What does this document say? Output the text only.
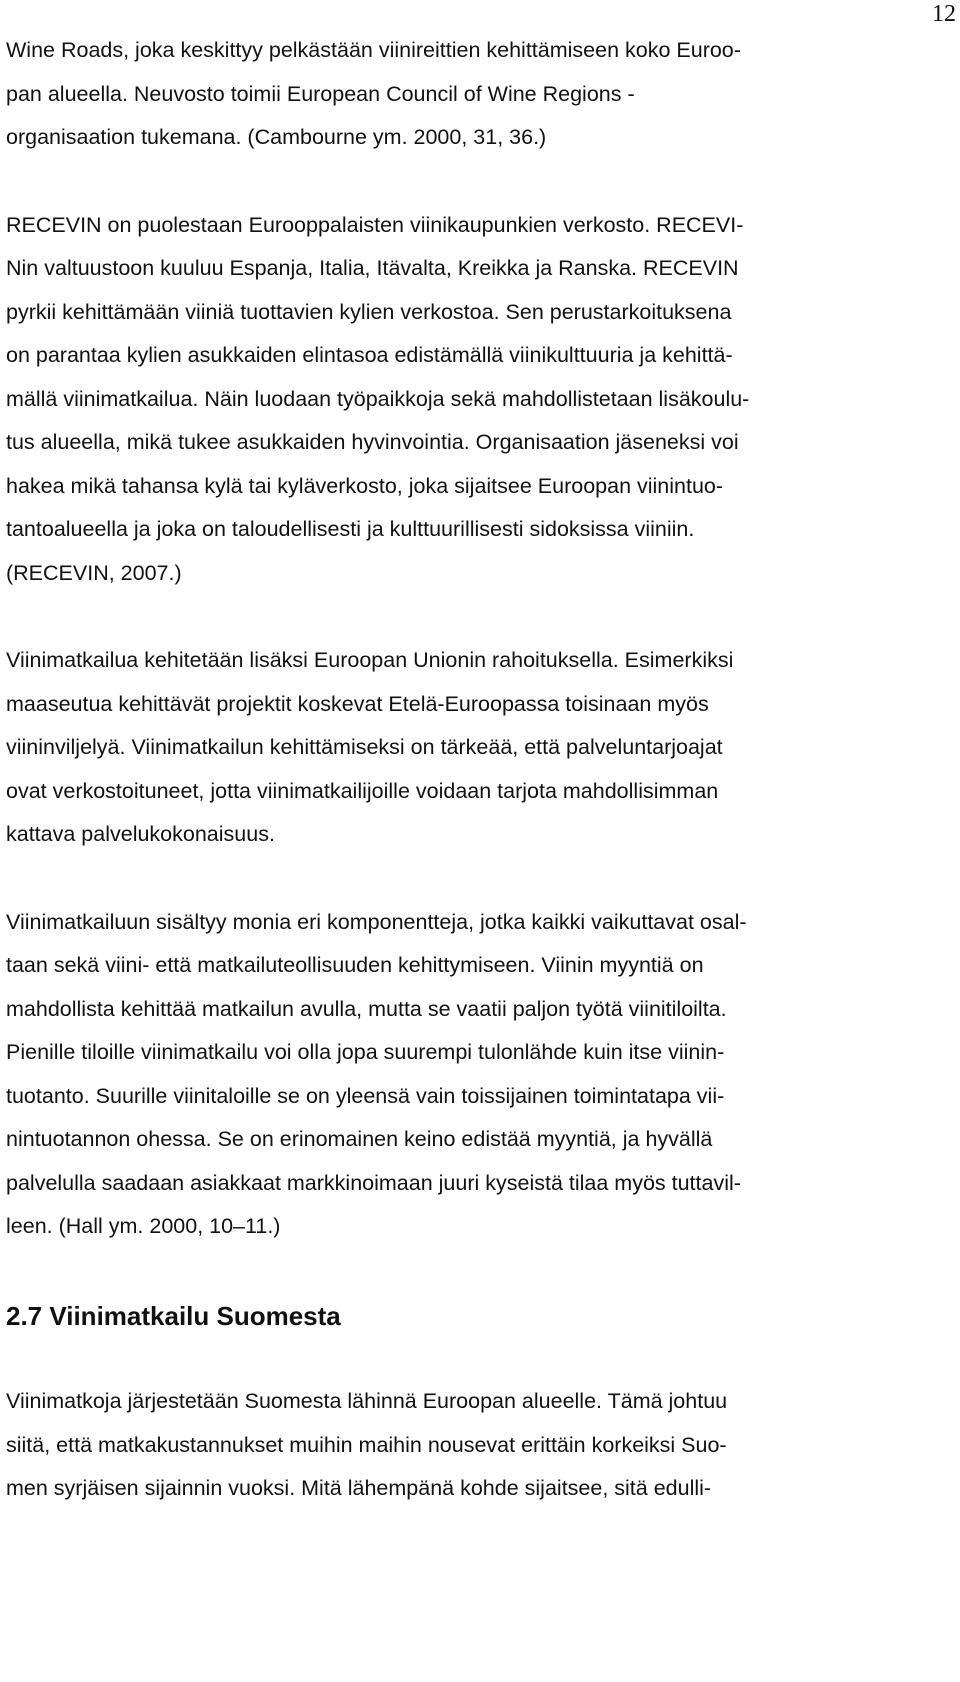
12
Wine Roads, joka keskittyy pelkästään viinireittien kehittämiseen koko Euroo-
pan alueella. Neuvosto toimii European Council of Wine Regions -
organisaation tukemana. (Cambourne ym. 2000, 31, 36.)
RECEVIN on puolestaan Eurooppalaisten viinikaupunkien verkosto. RECEVI-
Nin valtuustoon kuuluu Espanja, Italia, Itävalta, Kreikka ja Ranska. RECEVIN
pyrkii kehittämään viiniä tuottavien kylien verkostoa. Sen perustarkoituksena
on parantaa kylien asukkaiden elintasoa edistämällä viinikulttuuria ja kehittä-
mällä viinimatkailua. Näin luodaan työpaikkoja sekä mahdollistetaan lisäkoulu-
tus alueella, mikä tukee asukkaiden hyvinvointia. Organisaation jäseneksi voi
hakea mikä tahansa kylä tai kyläverkosto, joka sijaitsee Euroopan viinintuo-
tantoalueella ja joka on taloudellisesti ja kulttuurillisesti sidoksissa viiniin.
(RECEVIN, 2007.)
Viinimatkailua kehitetään lisäksi Euroopan Unionin rahoituksella. Esimerkiksi
maaseutua kehittävät projektit koskevat Etelä-Euroopassa toisinaan myös
viininviljelyä. Viinimatkailun kehittämiseksi on tärkeää, että palveluntarjoajat
ovat verkostoituneet, jotta viinimatkailijoille voidaan tarjota mahdollisimman
kattava palvelukokonaisuus.
Viinimatkailuun sisältyy monia eri komponentteja, jotka kaikki vaikuttavat osal-
taan sekä viini- että matkailuteollisuuden kehittymiseen. Viinin myyntiä on
mahdollista kehittää matkailun avulla, mutta se vaatii paljon työtä viinitiloilta.
Pienille tiloille viinimatkailu voi olla jopa suurempi tulonlähde kuin itse viinin-
tuotanto. Suurille viinitaloille se on yleensä vain toissijainen toimintatapa vii-
nintuotannon ohessa. Se on erinomainen keino edistää myyntiä, ja hyvällä
palvelulla saadaan asiakkaat markkinoimaan juuri kyseistä tilaa myös tuttavil-
leen. (Hall ym. 2000, 10–11.)
2.7 Viinimatkailu Suomesta
Viinimatkoja järjestetään Suomesta lähinnä Euroopan alueelle. Tämä johtuu
siitä, että matkakustannukset muihin maihin nousevat erittäin korkeiksi Suo-
men syrjäisen sijainnin vuoksi. Mitä lähempänä kohde sijaitsee, sitä edulli-
